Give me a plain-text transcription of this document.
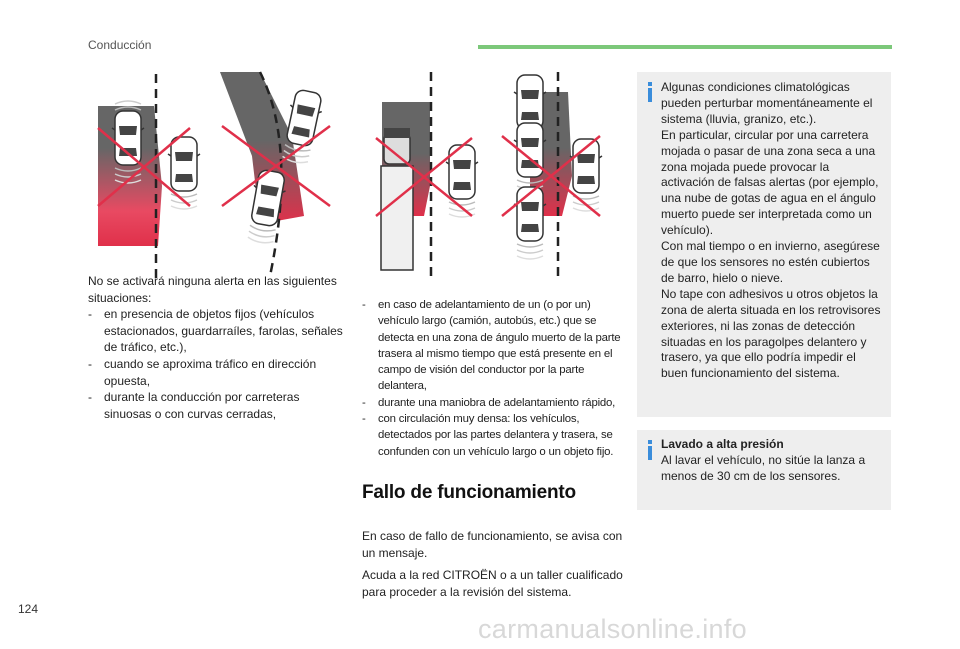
Conducción

No se activará ninguna alerta en las siguientes situaciones:

- en presencia de objetos fijos (vehículos estacionados, guardarraíles, farolas, señales de tráfico, etc.),

- cuando se aproxima tráfico en dirección opuesta,

- durante la conducción por carreteras sinuosas o con curvas cerradas,

- en caso de adelantamiento de un (o por un) vehículo largo (camión, autobús, etc.) que se detecta en una zona de ángulo muerto de la parte trasera al mismo tiempo que está presente en el campo de visión del conductor por la parte delantera,

- durante una maniobra de adelantamiento rápido,

- con circulación muy densa: los vehículos, detectados por las partes delantera y trasera, se confunden con un vehículo largo o un objeto fijo.

Fallo de funcionamiento

En caso de fallo de funcionamiento, se avisa con un mensaje.

Acuda a la red CITROËN o a un taller cualificado para proceder a la revisión del sistema.

Algunas condiciones climatológicas pueden perturbar momentáneamente el sistema (lluvia, granizo, etc.).

En particular, circular por una carretera mojada o pasar de una zona seca a una zona mojada puede provocar la activación de falsas alertas (por ejemplo, una nube de gotas de agua en el ángulo muerto puede ser interpretada como un vehículo).

Con mal tiempo o en invierno, asegúrese de que los sensores no estén cubiertos de barro, hielo o nieve.

No tape con adhesivos u otros objetos la zona de alerta situada en los retrovisores exteriores, ni las zonas de detección situadas en los paragolpes delantero y trasero, ya que ello podría impedir el buen funcionamiento del sistema.

Lavado a alta presión

Al lavar el vehículo, no sitúe la lanza a menos de 30 cm de los sensores.

124
carmanualsonline.info
